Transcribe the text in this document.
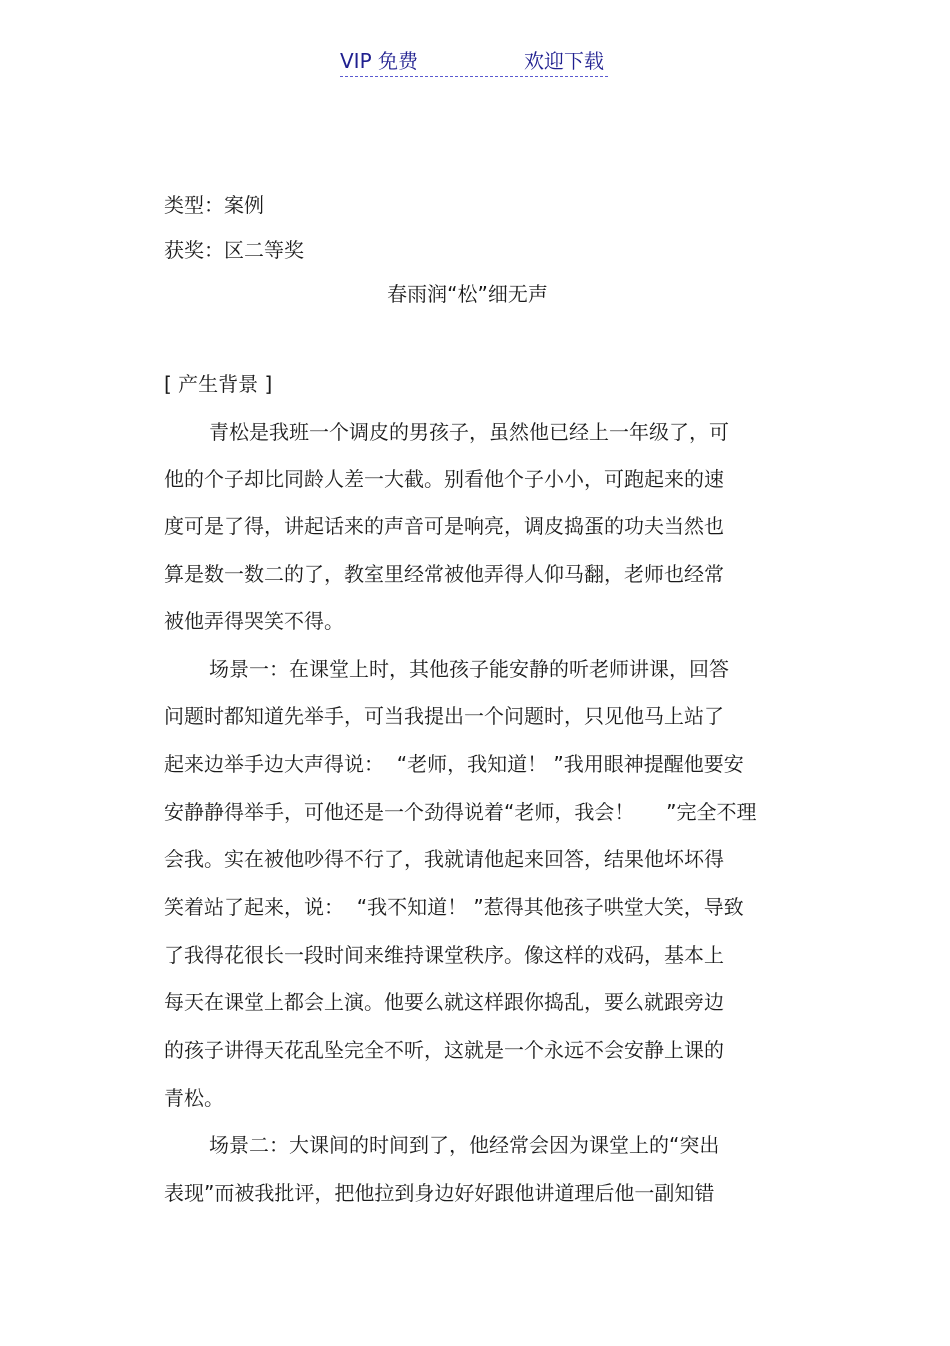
VIP 免费	欢迎下载
类型：案例
获奖：区二等奖
春雨润“松”细无声
[ 产生背景 ]
青松是我班一个调皮的男孩子，虽然他已经上一年级了，可
他的个子却比同龄人差一大截。别看他个子小小，可跑起来的速
度可是了得，讲起话来的声音可是响亮，调皮捣蛋的功夫当然也
算是数一数二的了，教室里经常被他弄得人仰马翻，老师也经常
被他弄得哭笑不得。
场景一：在课堂上时，其他孩子能安静的听老师讲课，回答
问题时都知道先举手，可当我提出一个问题时，只见他马上站了
起来边举手边大声得说：  “老师，我知道！ ”我用眼神提醒他要安
安静静得举手，可他还是一个劲得说着“老师，我会！     ”完全不理
会我。实在被他吵得不行了，我就请他起来回答，结果他坏坏得
笑着站了起来，说：  “我不知道！ ”惹得其他孩子哄堂大笑，导致
了我得花很长一段时间来维持课堂秩序。像这样的戏码，基本上
每天在课堂上都会上演。他要么就这样跟你捣乱，要么就跟旁边
的孩子讲得天花乱坠完全不听，这就是一个永远不会安静上课的
青松。
场景二：大课间的时间到了，他经常会因为课堂上的“突出
表现”而被我批评，把他拉到身边好好跟他讲道理后他一副知错
